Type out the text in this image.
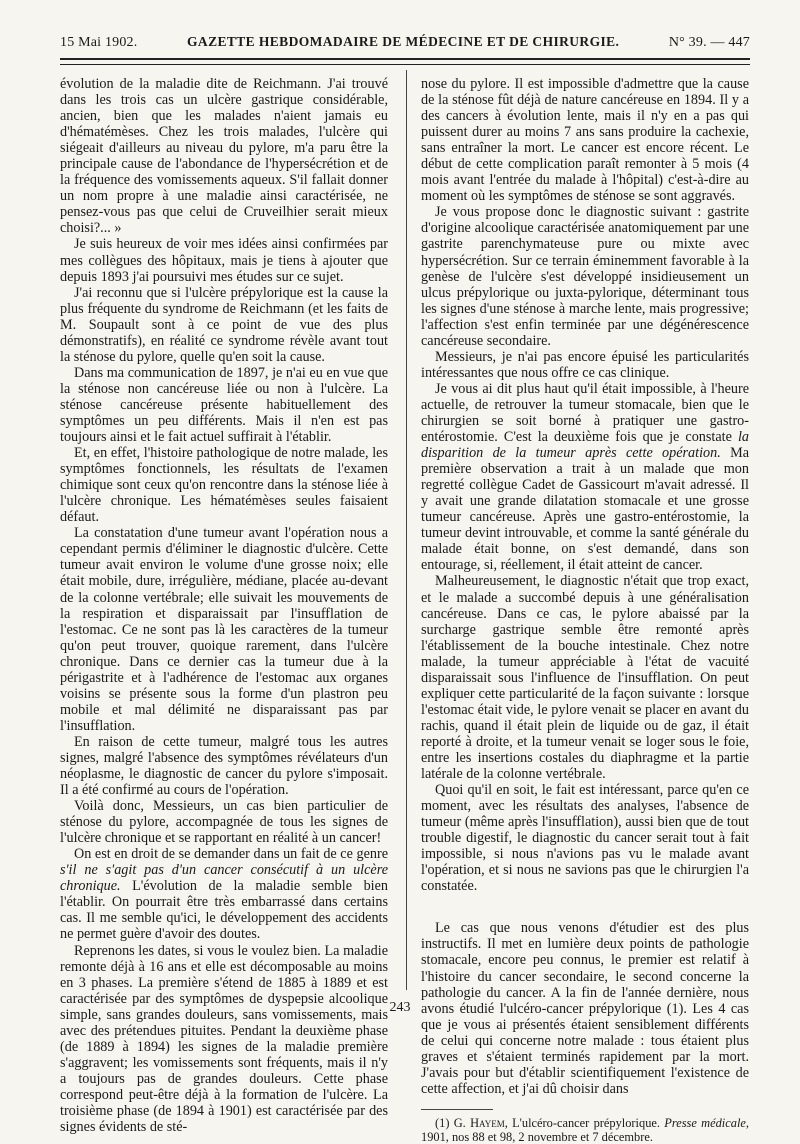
15 Mai 1902.	GAZETTE HEBDOMADAIRE DE MÉDECINE ET DE CHIRURGIE.	N° 39. — 447

évolution de la maladie dite de Reichmann. J'ai trouvé dans les trois cas un ulcère gastrique considérable, ancien, bien que les malades n'aient jamais eu d'hématémèses. Chez les trois malades, l'ulcère qui siégeait d'ailleurs au niveau du pylore, m'a paru être la principale cause de l'abondance de l'hypersécrétion et de la fréquence des vomissements aqueux. S'il fallait donner un nom propre à une maladie ainsi caractérisée, ne pensez-vous pas que celui de Cruveilhier serait mieux choisi?... »

Je suis heureux de voir mes idées ainsi confirmées par mes collègues des hôpitaux, mais je tiens à ajouter que depuis 1893 j'ai poursuivi mes études sur ce sujet.

J'ai reconnu que si l'ulcère prépylorique est la cause la plus fréquente du syndrome de Reichmann (et les faits de M. Soupault sont à ce point de vue des plus démonstratifs), en réalité ce syndrome révèle avant tout la sténose du pylore, quelle qu'en soit la cause.

Dans ma communication de 1897, je n'ai eu en vue que la sténose non cancéreuse liée ou non à l'ulcère. La sténose cancéreuse présente habituellement des symptômes un peu différents. Mais il n'en est pas toujours ainsi et le fait actuel suffirait à l'établir.

Et, en effet, l'histoire pathologique de notre malade, les symptômes fonctionnels, les résultats de l'examen chimique sont ceux qu'on rencontre dans la sténose liée à l'ulcère chronique. Les hématémèses seules faisaient défaut.

La constatation d'une tumeur avant l'opération nous a cependant permis d'éliminer le diagnostic d'ulcère. Cette tumeur avait environ le volume d'une grosse noix; elle était mobile, dure, irrégulière, médiane, placée au-devant de la colonne vertébrale; elle suivait les mouvements de la respiration et disparaissait par l'insufflation de l'estomac. Ce ne sont pas là les caractères de la tumeur qu'on peut trouver, quoique rarement, dans l'ulcère chronique. Dans ce dernier cas la tumeur due à la périgastrite et à l'adhérence de l'estomac aux organes voisins se présente sous la forme d'un plastron peu mobile et mal délimité ne disparaissant pas par l'insufflation.

En raison de cette tumeur, malgré tous les autres signes, malgré l'absence des symptômes révélateurs d'un néoplasme, le diagnostic de cancer du pylore s'imposait. Il a été confirmé au cours de l'opération.

Voilà donc, Messieurs, un cas bien particulier de sténose du pylore, accompagnée de tous les signes de l'ulcère chronique et se rapportant en réalité à un cancer!

On est en droit de se demander dans un fait de ce genre s'il ne s'agit pas d'un cancer consécutif à un ulcère chronique. L'évolution de la maladie semble bien l'établir. On pourrait être très embarrassé dans certains cas. Il me semble qu'ici, le développement des accidents ne permet guère d'avoir des doutes.

Reprenons les dates, si vous le voulez bien. La maladie remonte déjà à 16 ans et elle est décomposable au moins en 3 phases. La première s'étend de 1885 à 1889 et est caractérisée par des symptômes de dyspepsie alcoolique simple, sans grandes douleurs, sans vomissements, mais avec des prétendues pituites. Pendant la deuxième phase (de 1889 à 1894) les signes de la maladie première s'aggravent; les vomissements sont fréquents, mais il n'y a toujours pas de grandes douleurs. Cette phase correspond peut-être déjà à la formation de l'ulcère. La troisième phase (de 1894 à 1901) est caractérisée par des signes évidents de sté-

nose du pylore. Il est impossible d'admettre que la cause de la sténose fût déjà de nature cancéreuse en 1894. Il y a des cancers à évolution lente, mais il n'y en a pas qui puissent durer au moins 7 ans sans produire la cachexie, sans entraîner la mort. Le cancer est encore récent. Le début de cette complication paraît remonter à 5 mois (4 mois avant l'entrée du malade à l'hôpital) c'est-à-dire au moment où les symptômes de sténose se sont aggravés.

Je vous propose donc le diagnostic suivant : gastrite d'origine alcoolique caractérisée anatomiquement par une gastrite parenchymateuse pure ou mixte avec hypersécrétion. Sur ce terrain éminemment favorable à la genèse de l'ulcère s'est développé insidieusement un ulcus prépylorique ou juxta-pylorique, déterminant tous les signes d'une sténose à marche lente, mais progressive; l'affection s'est enfin terminée par une dégénérescence cancéreuse secondaire.

Messieurs, je n'ai pas encore épuisé les particularités intéressantes que nous offre ce cas clinique.

Je vous ai dit plus haut qu'il était impossible, à l'heure actuelle, de retrouver la tumeur stomacale, bien que le chirurgien se soit borné à pratiquer une gastro-entérostomie. C'est la deuxième fois que je constate la disparition de la tumeur après cette opération. Ma première observation a trait à un malade que mon regretté collègue Cadet de Gassicourt m'avait adressé. Il y avait une grande dilatation stomacale et une grosse tumeur cancéreuse. Après une gastro-entérostomie, la tumeur devint introuvable, et comme la santé générale du malade était bonne, on s'est demandé, dans son entourage, si, réellement, il était atteint de cancer.

Malheureusement, le diagnostic n'était que trop exact, et le malade a succombé depuis à une généralisation cancéreuse. Dans ce cas, le pylore abaissé par la surcharge gastrique semble être remonté après l'établissement de la bouche intestinale. Chez notre malade, la tumeur appréciable à l'état de vacuité disparaissait sous l'influence de l'insufflation. On peut expliquer cette particularité de la façon suivante : lorsque l'estomac était vide, le pylore venait se placer en avant du rachis, quand il était plein de liquide ou de gaz, il était reporté à droite, et la tumeur venait se loger sous le foie, entre les insertions costales du diaphragme et la partie latérale de la colonne vertébrale.

Quoi qu'il en soit, le fait est intéressant, parce qu'en ce moment, avec les résultats des analyses, l'absence de tumeur (même après l'insufflation), aussi bien que de tout trouble digestif, le diagnostic du cancer serait tout à fait impossible, si nous n'avions pas vu le malade avant l'opération, et si nous ne savions pas que le chirurgien l'a constatée.

Le cas que nous venons d'étudier est des plus instructifs. Il met en lumière deux points de pathologie stomacale, encore peu connus, le premier est relatif à l'histoire du cancer secondaire, le second concerne la pathologie du cancer. A la fin de l'année dernière, nous avons étudié l'ulcéro-cancer prépylorique (1). Les 4 cas que je vous ai présentés étaient sensiblement différents de celui qui concerne notre malade : tous étaient plus graves et s'étaient terminés rapidement par la mort. J'avais pour but d'établir scientifiquement l'existence de cette affection, et j'ai dû choisir dans

(1) G. Hayem, L'ulcéro-cancer prépylorique. Presse médicale, 1901, nos 88 et 98, 2 novembre et 7 décembre.

243
